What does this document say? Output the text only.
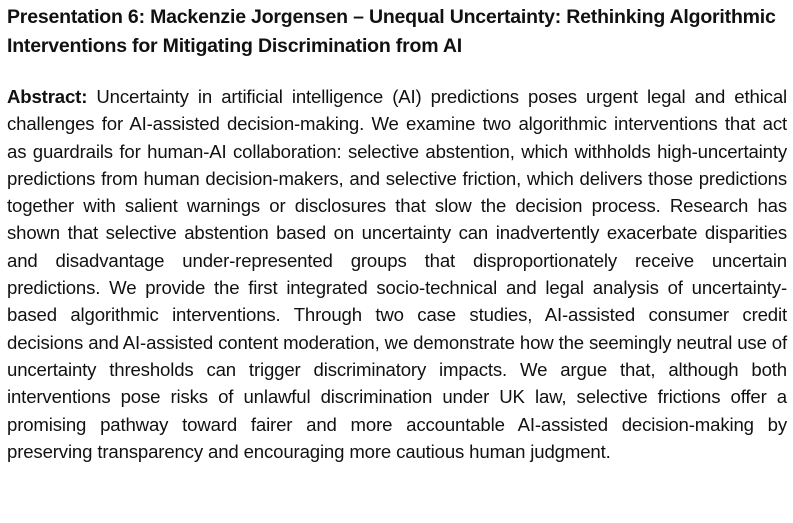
Presentation 6: Mackenzie Jorgensen – Unequal Uncertainty: Rethinking Algorithmic Interventions for Mitigating Discrimination from AI

Abstract: Uncertainty in artificial intelligence (AI) predictions poses urgent legal and ethical challenges for AI-assisted decision-making. We examine two algorithmic interventions that act as guardrails for human-AI collaboration: selective abstention, which withholds high-uncertainty predictions from human decision-makers, and selective friction, which delivers those predictions together with salient warnings or disclosures that slow the decision process. Research has shown that selective abstention based on uncertainty can inadvertently exacerbate disparities and disadvantage under-represented groups that disproportionately receive uncertain predictions. We provide the first integrated socio-technical and legal analysis of uncertainty-based algorithmic interventions. Through two case studies, AI-assisted consumer credit decisions and AI-assisted content moderation, we demonstrate how the seemingly neutral use of uncertainty thresholds can trigger discriminatory impacts. We argue that, although both interventions pose risks of unlawful discrimination under UK law, selective frictions offer a promising pathway toward fairer and more accountable AI-assisted decision-making by preserving transparency and encouraging more cautious human judgment.
